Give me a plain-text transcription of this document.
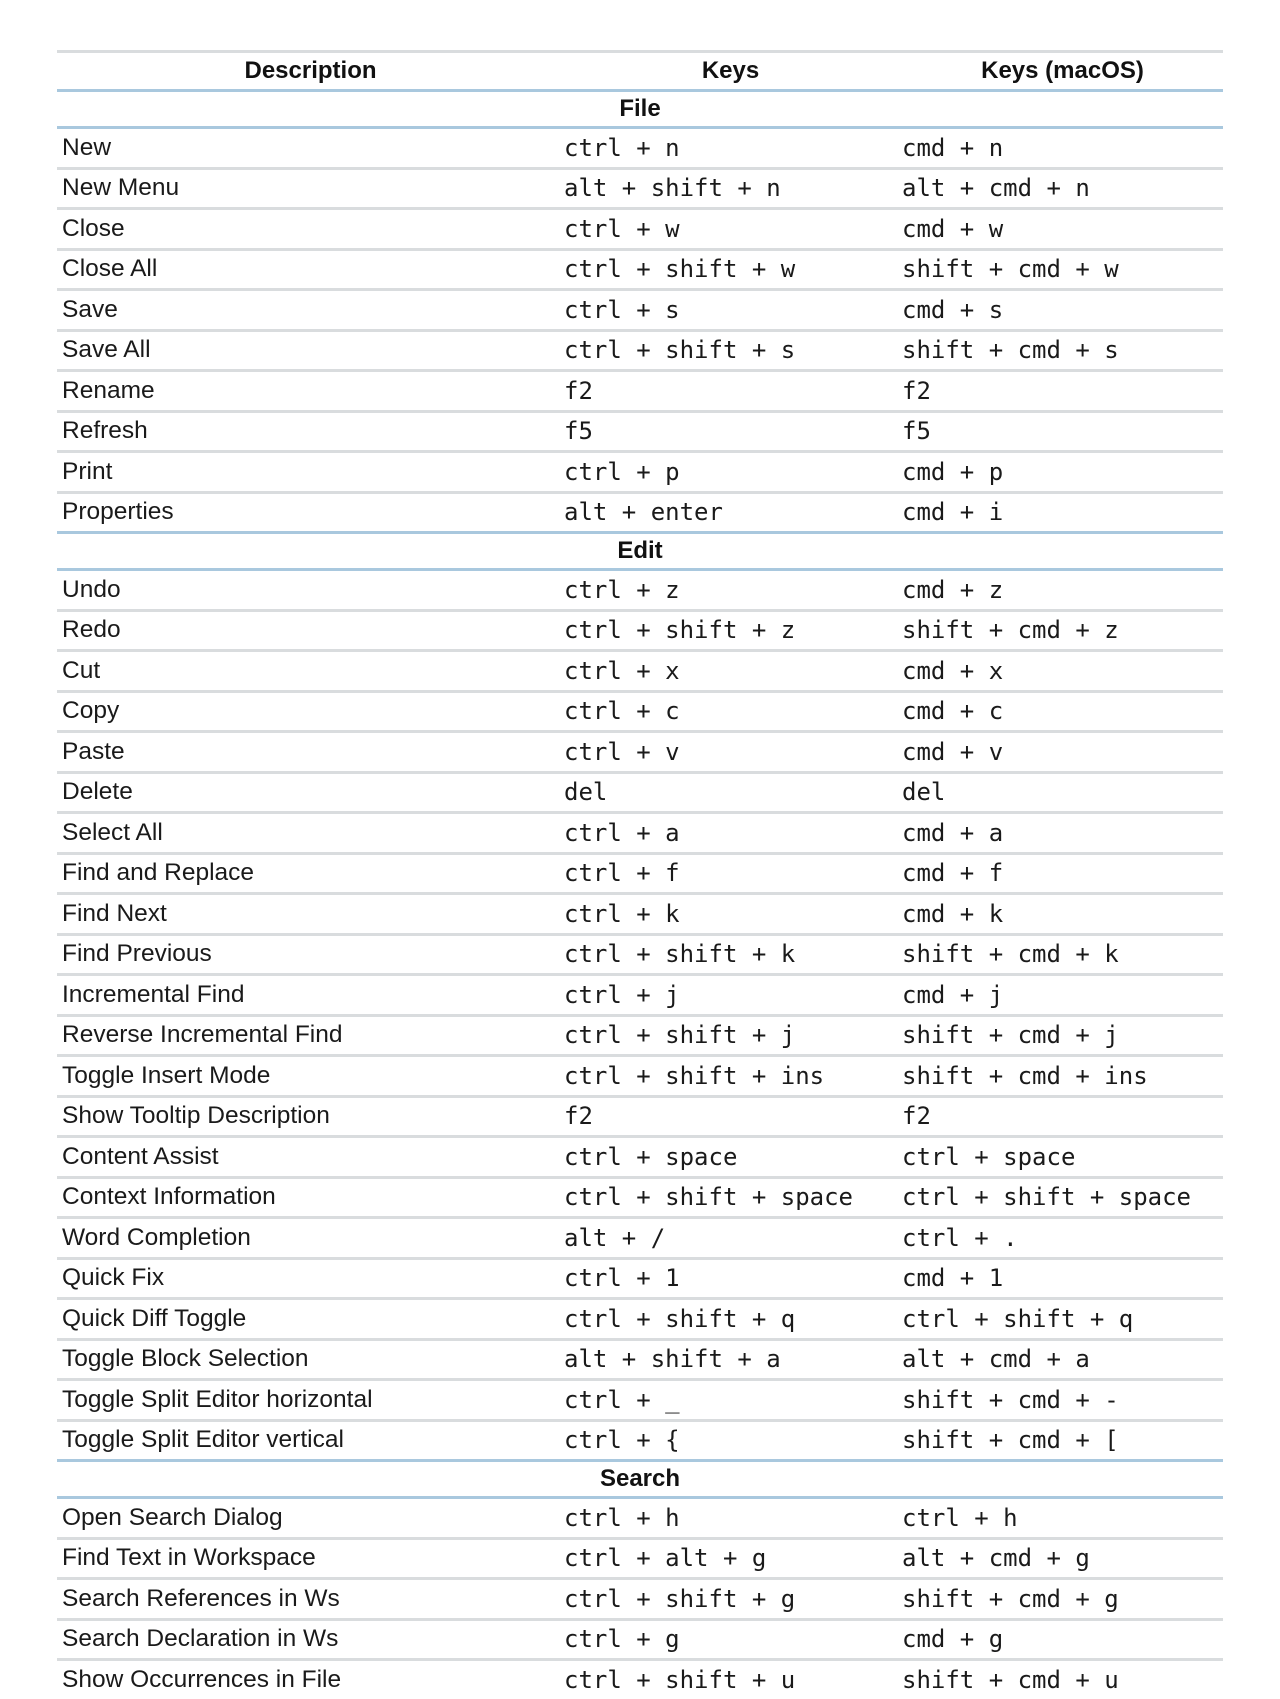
Description	Keys	Keys (macOS)
File		
New	ctrl + n	cmd + n
New Menu	alt + shift + n	alt + cmd + n
Close	ctrl + w	cmd + w
Close All	ctrl + shift + w	shift + cmd + w
Save	ctrl + s	cmd + s
Save All	ctrl + shift + s	shift + cmd + s
Rename	f2	f2
Refresh	f5	f5
Print	ctrl + p	cmd + p
Properties	alt + enter	cmd + i
Edit		
Undo	ctrl + z	cmd + z
Redo	ctrl + shift + z	shift + cmd + z
Cut	ctrl + x	cmd + x
Copy	ctrl + c	cmd + c
Paste	ctrl + v	cmd + v
Delete	del	del
Select All	ctrl + a	cmd + a
Find and Replace	ctrl + f	cmd + f
Find Next	ctrl + k	cmd + k
Find Previous	ctrl + shift + k	shift + cmd + k
Incremental Find	ctrl + j	cmd + j
Reverse Incremental Find	ctrl + shift + j	shift + cmd + j
Toggle Insert Mode	ctrl + shift + ins	shift + cmd + ins
Show Tooltip Description	f2	f2
Content Assist	ctrl + space	ctrl + space
Context Information	ctrl + shift + space	ctrl + shift + space
Word Completion	alt + /	ctrl + .
Quick Fix	ctrl + 1	cmd + 1
Quick Diff Toggle	ctrl + shift + q	ctrl + shift + q
Toggle Block Selection	alt + shift + a	alt + cmd + a
Toggle Split Editor horizontal	ctrl + _	shift + cmd + -
Toggle Split Editor vertical	ctrl + {	shift + cmd + [
Search		
Open Search Dialog	ctrl + h	ctrl + h
Find Text in Workspace	ctrl + alt + g	alt + cmd + g
Search References in Ws	ctrl + shift + g	shift + cmd + g
Search Declaration in Ws	ctrl + g	cmd + g
Show Occurrences in File	ctrl + shift + u	shift + cmd + u
